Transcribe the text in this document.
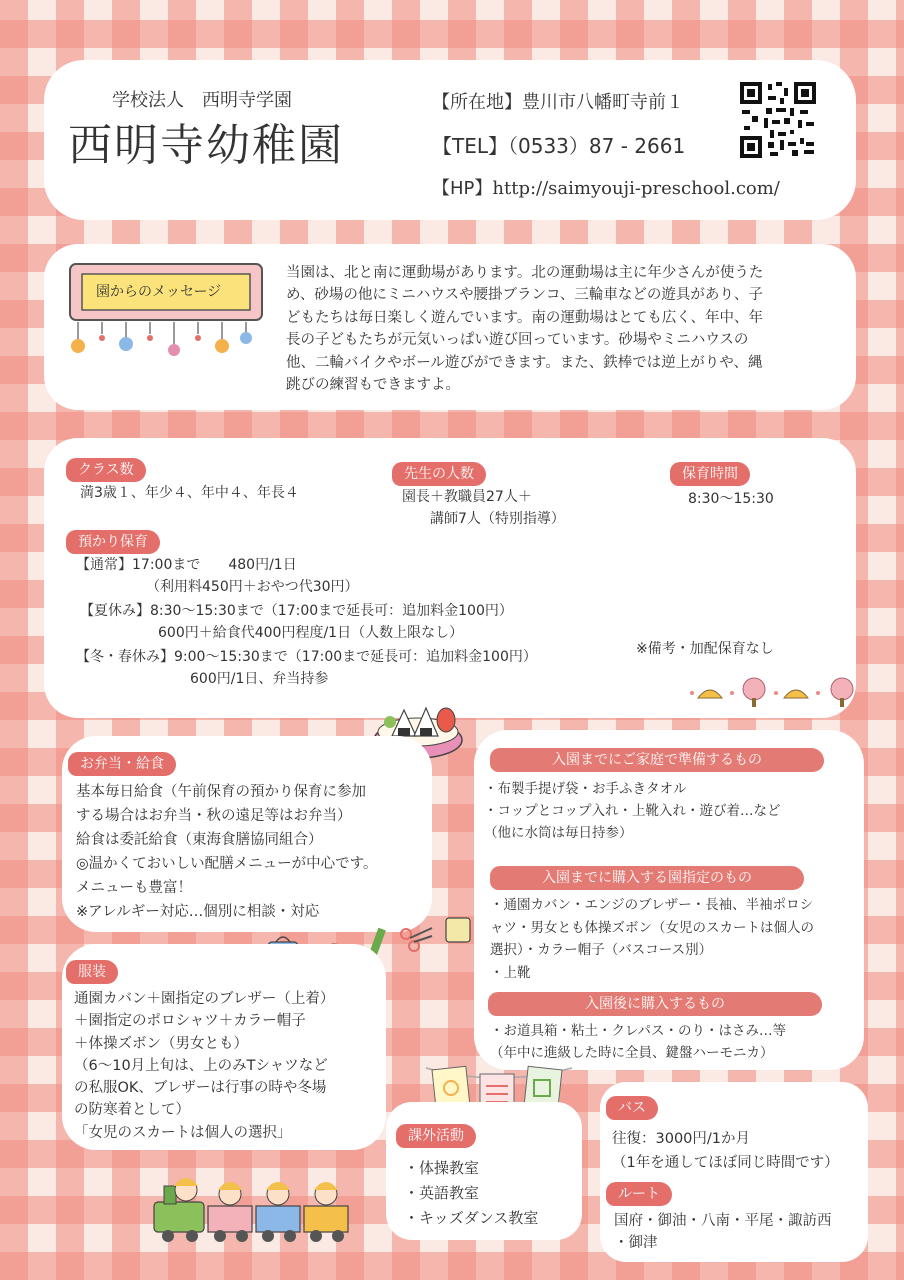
学校法人　西明寺学園
西明寺幼稚園
【所在地】豊川市八幡町寺前１
【TEL】（0533）87 - 2661
【HP】http://saimyouji-preschool.com/
園からのメッセージ
当園は、北と南に運動場があります。北の運動場は主に年少さんが使うた
め、砂場の他にミニハウスや腰掛ブランコ、三輪車などの遊具があり、子
どもたちは毎日楽しく遊んでいます。南の運動場はとても広く、年中、年
長の子どもたちが元気いっぱい遊び回っています。砂場やミニハウスの
他、二輪バイクやボール遊びができます。また、鉄棒では逆上がりや、縄
跳びの練習もできますよ。
クラス数
満3歳１、年少４、年中４、年長４
先生の人数
園長＋教職員27人＋
講師7人（特別指導）
保育時間
8:30〜15:30
預かり保育
【通常】17:00まで　　480円/1日
（利用料450円＋おやつ代30円）
【夏休み】8:30〜15:30まで（17:00まで延長可：追加料金100円）
600円＋給食代400円程度/1日（人数上限なし）
【冬・春休み】9:00〜15:30まで（17:00まで延長可：追加料金100円）
600円/1日、弁当持参
※備考・加配保育なし
お弁当・給食
基本毎日給食（午前保育の預かり保育に参加
する場合はお弁当・秋の遠足等はお弁当）
給食は委託給食（東海食膳協同組合）
◎温かくておいしい配膳メニューが中心です。
メニューも豊富！
※アレルギー対応…個別に相談・対応
入園までにご家庭で準備するもの
・布製手提げ袋・お手ふきタオル
・コップとコップ入れ・上靴入れ・遊び着…など
（他に水筒は毎日持参）
入園までに購入する園指定のもの
・通園カバン・エンジのブレザー・長袖、半袖ポロシ
ャツ・男女とも体操ズボン（女児のスカートは個人の
選択）・カラー帽子（バスコース別）
・上靴
入園後に購入するもの
・お道具箱・粘土・クレパス・のり・はさみ…等
（年中に進級した時に全員、鍵盤ハーモニカ）
服装
通園カバン＋園指定のブレザー（上着）
＋園指定のポロシャツ＋カラー帽子
＋体操ズボン（男女とも）
（6〜10月上旬は、上のみTシャツなど
の私服OK、ブレザーは行事の時や冬場
の防寒着として）
「女児のスカートは個人の選択」	課外活動
・体操教室
・英語教室
・キッズダンス教室
バス
往復：3000円/1か月
（1年を通してほぼ同じ時間です）
ルート
国府・御油・八南・平尾・諏訪西
・御津
